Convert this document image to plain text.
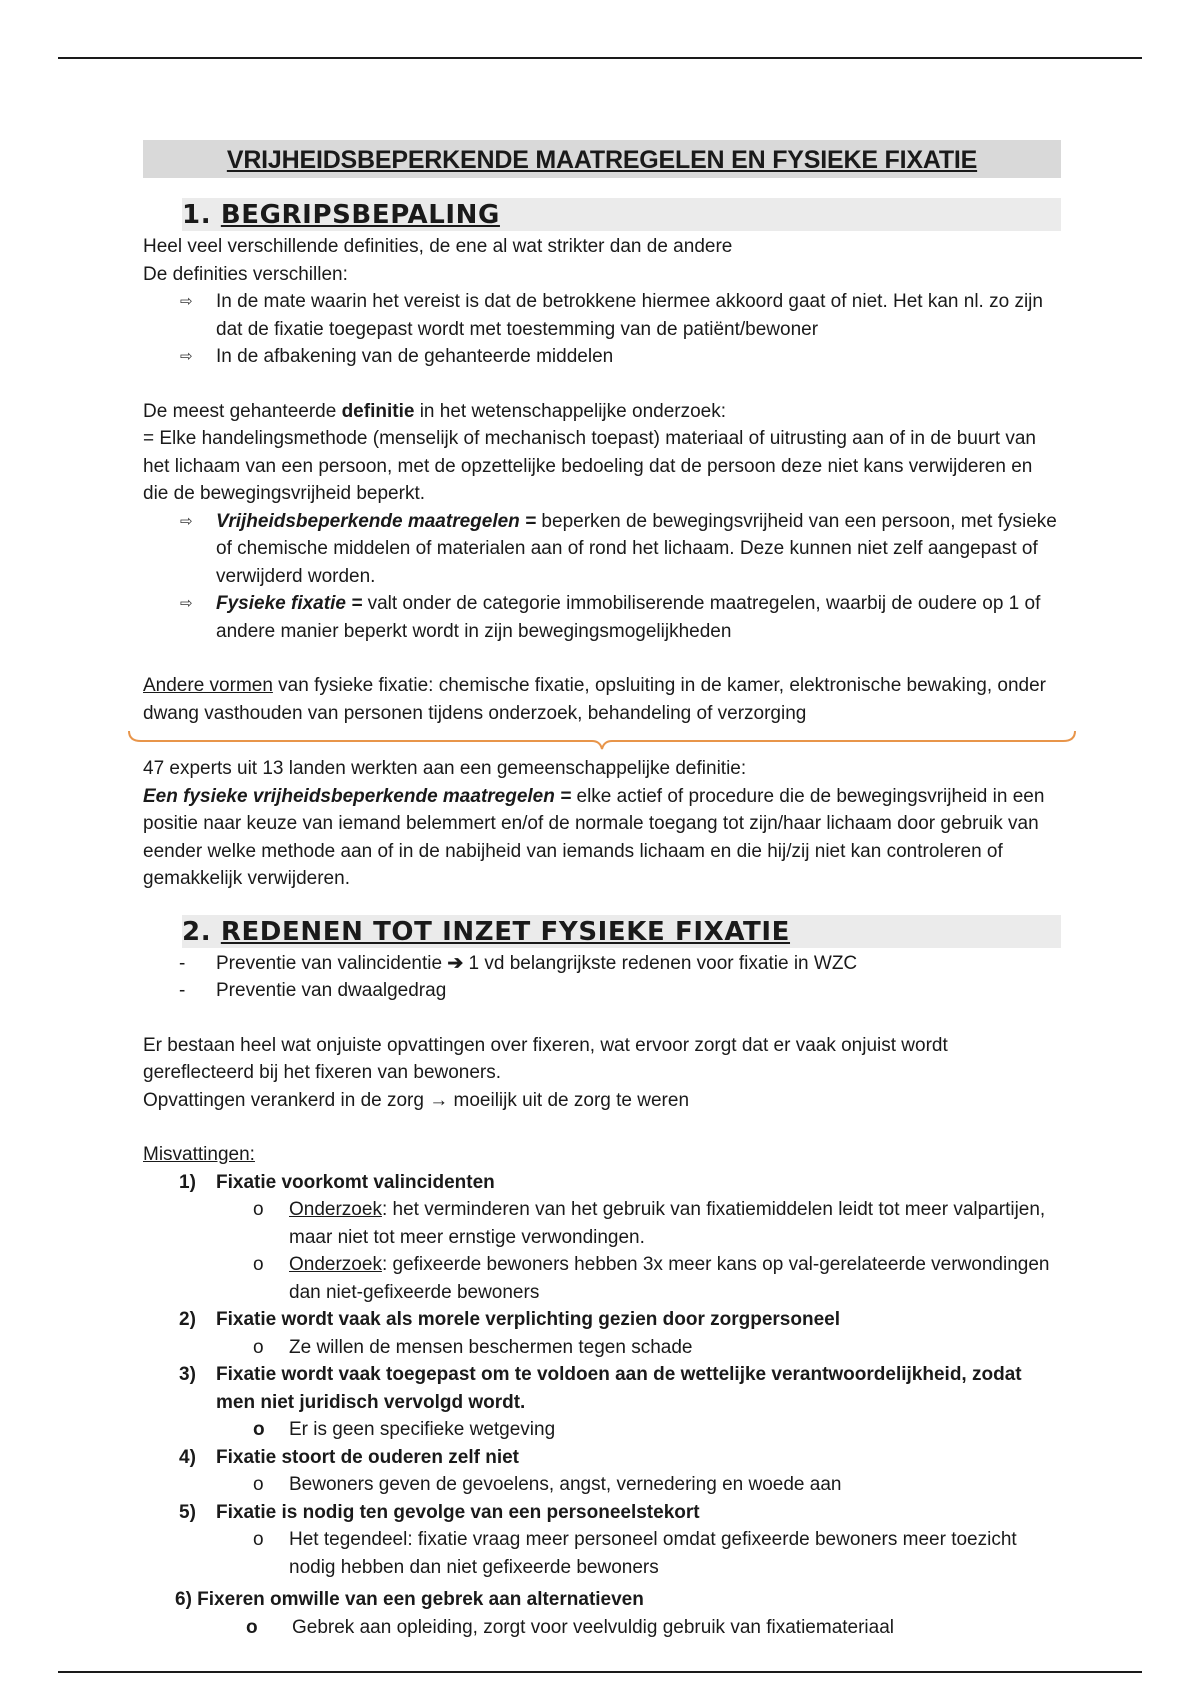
VRIJHEIDSBEPERKENDE MAATREGELEN EN FYSIEKE FIXATIE
1. BEGRIPSBEPALING

Heel veel verschillende definities, de ene al wat strikter dan de andere

De definities verschillen:

⇨ In de mate waarin het vereist is dat de betrokkene hiermee akkoord gaat of niet. Het kan nl. zo zijn dat de fixatie toegepast wordt met toestemming van de patiënt/bewoner
⇨ In de afbakening van de gehanteerde middelen

De meest gehanteerde definitie in het wetenschappelijke onderzoek:

= Elke handelingsmethode (menselijk of mechanisch toepast) materiaal of uitrusting aan of in de buurt van het lichaam van een persoon, met de opzettelijke bedoeling dat de persoon deze niet kans verwijderen en die de bewegingsvrijheid beperkt.

⇨ Vrijheidsbeperkende maatregelen = beperken de bewegingsvrijheid van een persoon, met fysieke of chemische middelen of materialen aan of rond het lichaam. Deze kunnen niet zelf aangepast of verwijderd worden.
⇨ Fysieke fixatie = valt onder de categorie immobiliserende maatregelen, waarbij de oudere op 1 of andere manier beperkt wordt in zijn bewegingsmogelijkheden

Andere vormen van fysieke fixatie: chemische fixatie, opsluiting in de kamer, elektronische bewaking, onder dwang vasthouden van personen tijdens onderzoek, behandeling of verzorging

47 experts uit 13 landen werkten aan een gemeenschappelijke definitie:

Een fysieke vrijheidsbeperkende maatregelen = elke actief of procedure die de bewegingsvrijheid in een positie naar keuze van iemand belemmert en/of de normale toegang tot zijn/haar lichaam door gebruik van eender welke methode aan of in de nabijheid van iemands lichaam en die hij/zij niet kan controleren of gemakkelijk verwijderen.

2. REDENEN TOT INZET FYSIEKE FIXATIE
- Preventie van valincidentie ➔ 1 vd belangrijkste redenen voor fixatie in WZC
- Preventie van dwaalgedrag

Er bestaan heel wat onjuiste opvattingen over fixeren, wat ervoor zorgt dat er vaak onjuist wordt gereflecteerd bij het fixeren van bewoners.

Opvattingen verankerd in de zorg → moeilijk uit de zorg te weren

Misvattingen:

1) Fixatie voorkomt valincidenten
o Onderzoek: het verminderen van het gebruik van fixatiemiddelen leidt tot meer valpartijen, maar niet tot meer ernstige verwondingen.
o Onderzoek: gefixeerde bewoners hebben 3x meer kans op val-gerelateerde verwondingen dan niet-gefixeerde bewoners
2) Fixatie wordt vaak als morele verplichting gezien door zorgpersoneel
o Ze willen de mensen beschermen tegen schade
3) Fixatie wordt vaak toegepast om te voldoen aan de wettelijke verantwoordelijkheid, zodat men niet juridisch vervolgd wordt.
o Er is geen specifieke wetgeving
4) Fixatie stoort de ouderen zelf niet
o Bewoners geven de gevoelens, angst, vernedering en woede aan
5) Fixatie is nodig ten gevolge van een personeelstekort
o Het tegendeel: fixatie vraag meer personeel omdat gefixeerde bewoners meer toezicht nodig hebben dan niet gefixeerde bewoners

6) Fixeren omwille van een gebrek aan alternatieven

o Gebrek aan opleiding, zorgt voor veelvuldig gebruik van fixatiemateriaal
